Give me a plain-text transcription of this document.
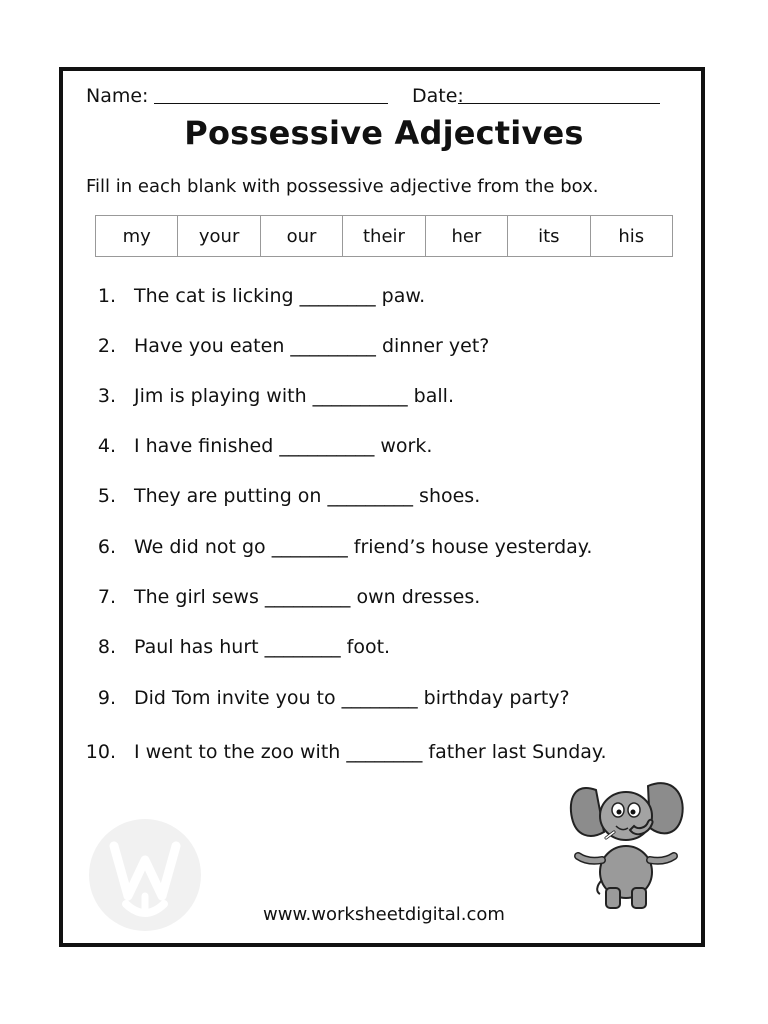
Name:	Date:
Possessive Adjectives
Fill in each blank with possessive adjective from the box.
my	your	our	their	her	its	his
1. The cat is licking ________ paw.
2. Have you eaten _________ dinner yet?
3. Jim is playing with __________ ball.
4. I have finished __________ work.
5. They are putting on _________ shoes.
6. We did not go ________ friend’s house yesterday.
7. The girl sews _________ own dresses.
8. Paul has hurt ________ foot.
9. Did Tom invite you to ________ birthday party?
10. I went to the zoo with ________ father last Sunday.
www.worksheetdigital.com
